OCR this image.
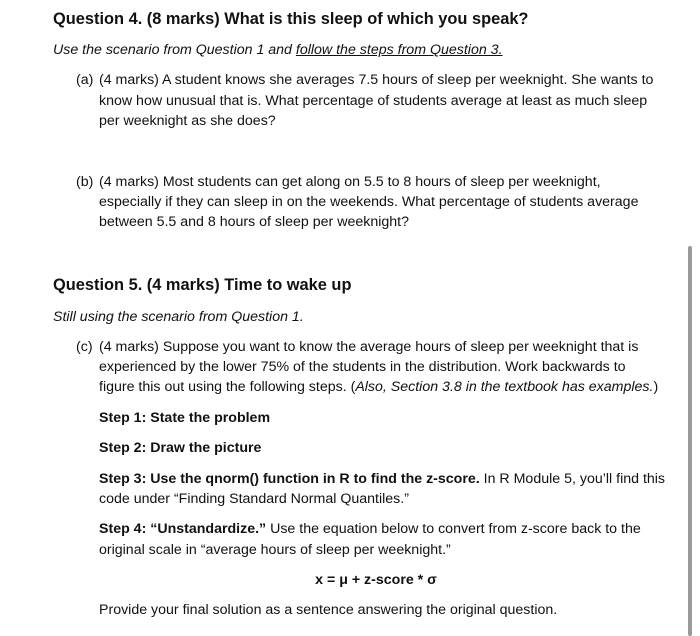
Question 4. (8 marks) What is this sleep of which you speak?
Use the scenario from Question 1 and follow the steps from Question 3.
(a) (4 marks) A student knows she averages 7.5 hours of sleep per weeknight. She wants to
know how unusual that is. What percentage of students average at least as much sleep
per weeknight as she does?
(b) (4 marks) Most students can get along on 5.5 to 8 hours of sleep per weeknight,
especially if they can sleep in on the weekends. What percentage of students average
between 5.5 and 8 hours of sleep per weeknight?
Question 5. (4 marks) Time to wake up
Still using the scenario from Question 1.
(c) (4 marks) Suppose you want to know the average hours of sleep per weeknight that is
experienced by the lower 75% of the students in the distribution. Work backwards to
figure this out using the following steps. (Also, Section 3.8 in the textbook has examples.)
Step 1: State the problem
Step 2: Draw the picture
Step 3: Use the qnorm() function in R to find the z-score. In R Module 5, you’ll find this
code under “Finding Standard Normal Quantiles.”
Step 4: “Unstandardize.” Use the equation below to convert from z-score back to the
original scale in “average hours of sleep per weeknight.”
x = μ + z-score * σ
Provide your final solution as a sentence answering the original question.
